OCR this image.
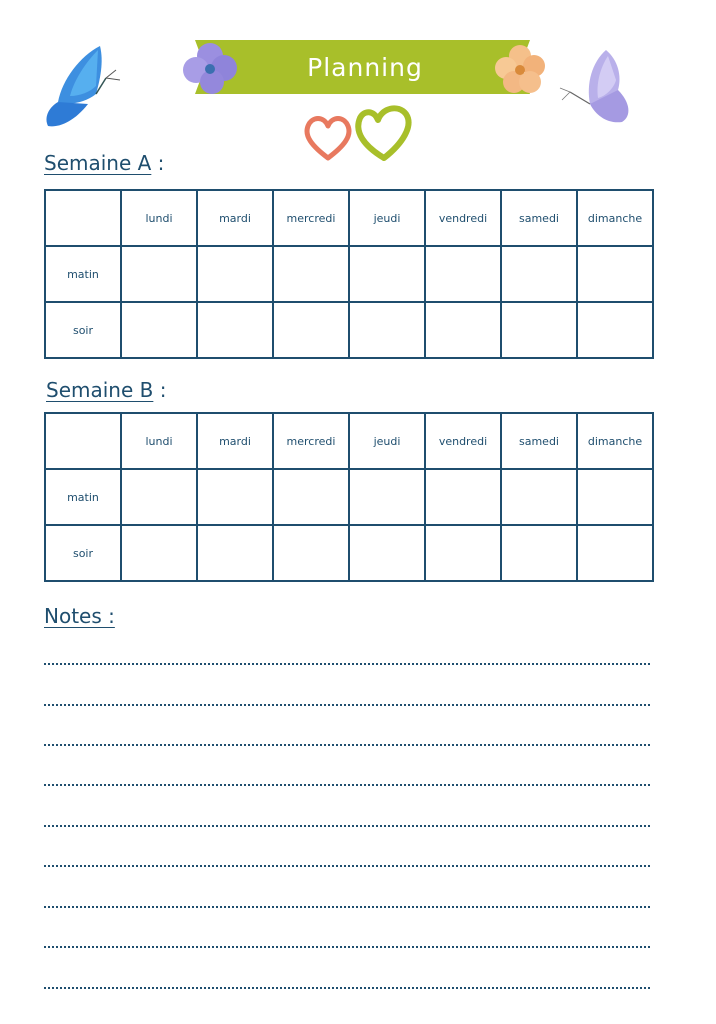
Planning
Semaine A :
	lundi	mardi	mercredi	jeudi	vendredi	samedi	dimanche
matin							
soir							
Semaine B :
	lundi	mardi	mercredi	jeudi	vendredi	samedi	dimanche
matin							
soir							
Notes :
